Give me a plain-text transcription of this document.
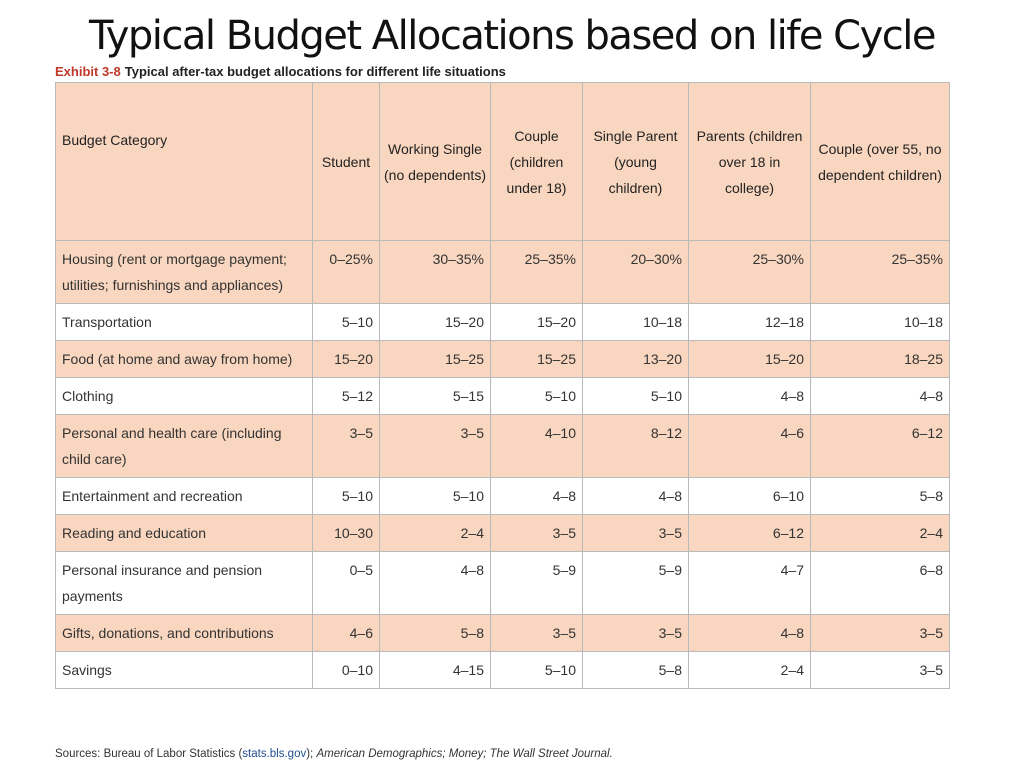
Typical Budget Allocations based on life Cycle
Exhibit 3-8 Typical after-tax budget allocations for different life situations
Budget Category	Student	Working Single (no dependents)	Couple (children under 18)	Single Parent (young children)	Parents (children over 18 in college)	Couple (over 55, no dependent children)
Housing (rent or mortgage payment; utilities; furnishings and appliances)	0–25%	30–35%	25–35%	20–30%	25–30%	25–35%
Transportation	5–10	15–20	15–20	10–18	12–18	10–18
Food (at home and away from home)	15–20	15–25	15–25	13–20	15–20	18–25
Clothing	5–12	5–15	5–10	5–10	4–8	4–8
Personal and health care (including child care)	3–5	3–5	4–10	8–12	4–6	6–12
Entertainment and recreation	5–10	5–10	4–8	4–8	6–10	5–8
Reading and education	10–30	2–4	3–5	3–5	6–12	2–4
Personal insurance and pension payments	0–5	4–8	5–9	5–9	4–7	6–8
Gifts, donations, and contributions	4–6	5–8	3–5	3–5	4–8	3–5
Savings	0–10	4–15	5–10	5–8	2–4	3–5
Sources: Bureau of Labor Statistics (stats.bls.gov); American Demographics; Money; The Wall Street Journal.
